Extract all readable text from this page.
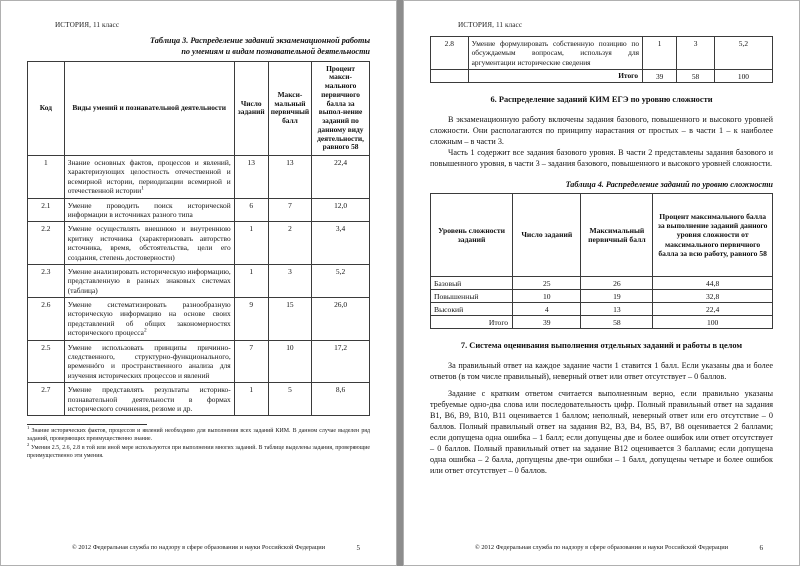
ИСТОРИЯ, 11 класс
Таблица 3. Распределение заданий экзаменационной работы
по умениям и видам познавательной деятельности
Код	Виды умений и познавательной деятельности	Число заданий	Макси-мальный первичный балл	Процент макси-мального первичного балла за выпол-нение заданий по данному виду деятельности, равного 58
1	Знание основных фактов, процессов и явлений, характеризующих целостность отечественной и всемирной истории, периодизации всемирной и отечественной истории$^1$	13	13	22,4
2.1	Умение проводить поиск исторической информации в источниках разного типа	6	7	12,0
2.2	Умение осуществлять внешнюю и внутреннюю критику источника (характеризовать авторство источника, время, обстоятельства, цели его создания, степень достоверности)	1	2	3,4
2.3	Умение анализировать историческую информацию, представленную в разных знаковых системах (таблица)	1	3	5,2
2.6	Умение систематизировать разнообразную историческую информацию на основе своих представлений об общих закономерностях исторического процесса$^2$	9	15	26,0
2.5	Умение использовать принципы причинно-следственного, структурно-функционального, временнóго и пространственного анализа для изучения исторических процессов и явлений	7	10	17,2
2.7	Умение представлять результаты историко-познавательной деятельности в формах исторического сочинения, резюме и др.	1	5	8,6

$^1$ Знание исторических фактов, процессов и явлений необходимо для выполнения всех заданий КИМ. В данном случае выделен ряд заданий, проверяющих преимущественно знание.

$^2$ Умения 2.5, 2.6, 2.8 в той или иной мере используются при выполнении многих заданий. В таблице выделены задания, проверяющие преимущественно эти умения.

© 2012 Федеральная служба по надзору в сфере образования и науки Российской Федерации	5
ИСТОРИЯ, 11 класс
2.8	Умение формулировать собственную позицию по обсуждаемым вопросам, используя для аргументации исторические сведения	1	3	5,2
	Итого	39	58	100
6. Распределение заданий КИМ ЕГЭ по уровню сложности

В экзаменационную работу включены задания базового, повышенного и высокого уровней сложности. Они располагаются по принципу нарастания от простых – в части 1 – к наиболее сложным – в части 3.

Часть 1 содержит все задания базового уровня. В части 2 представлены задания базового и повышенного уровня, в части 3 – задания базового, повышенного и высокого уровней сложности.

Таблица 4. Распределение заданий по уровню сложности
Уровень сложности заданий	Число заданий	Максимальный первичный балл	Процент максимального балла за выполнение заданий данного уровня сложности от максимального первичного балла за всю работу, равного 58
Базовый	25	26	44,8
Повышенный	10	19	32,8
Высокий	4	13	22,4
Итого	39	58	100
7. Система оценивания выполнения отдельных заданий и работы в целом

За правильный ответ на каждое задание части 1 ставится 1 балл. Если указаны два и более ответов (в том числе правильный), неверный ответ или ответ отсутствует – 0 баллов.

Задание с кратким ответом считается выполненным верно, если правильно указаны требуемые одно-два слова или последовательность цифр. Полный правильный ответ на задания В1, В6, В9, В10, В11 оценивается 1 баллом; неполный, неверный ответ или его отсутствие – 0 баллов. Полный правильный ответ на задания В2, В3, В4, В5, В7, В8 оценивается 2 баллами; если допущена одна ошибка – 1 балл; если допущены две и более ошибок или ответ отсутствует – 0 баллов. Полный правильный ответ на задание В12 оценивается 3 баллами; если допущена одна ошибка – 2 балла, допущены две-три ошибки – 1 балл, допущены четыре и более ошибок или ответ отсутствует – 0 баллов.

© 2012 Федеральная служба по надзору в сфере образования и науки Российской Федерации	6
